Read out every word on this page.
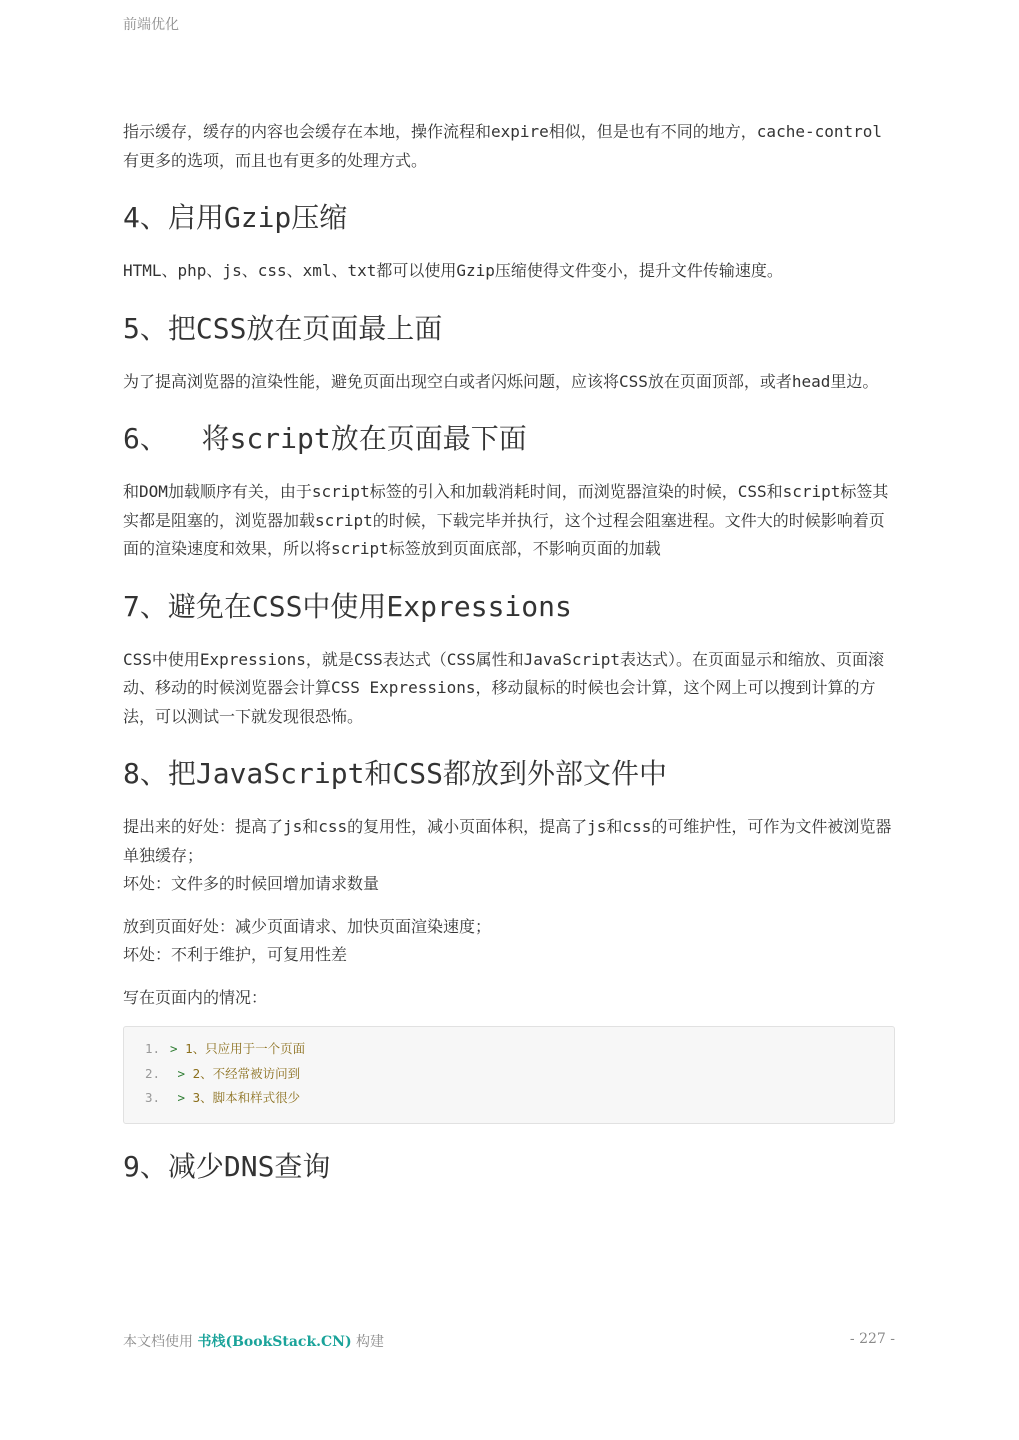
前端优化

指示缓存，缓存的内容也会缓存在本地，操作流程和expire相似，但是也有不同的地方，cache-control有更多的选项，而且也有更多的处理方式。

4、启用Gzip压缩

HTML、php、js、css、xml、txt都可以使用Gzip压缩使得文件变小，提升文件传输速度。

5、把CSS放在页面最上面

为了提高浏览器的渲染性能，避免页面出现空白或者闪烁问题，应该将CSS放在页面顶部，或者head里边。

6、  将script放在页面最下面

和DOM加载顺序有关，由于script标签的引入和加载消耗时间，而浏览器渲染的时候，CSS和script标签其实都是阻塞的，浏览器加载script的时候，下载完毕并执行，这个过程会阻塞进程。文件大的时候影响着页面的渲染速度和效果，所以将script标签放到页面底部，不影响页面的加载

7、避免在CSS中使用Expressions

CSS中使用Expressions，就是CSS表达式（CSS属性和JavaScript表达式）。在页面显示和缩放、页面滚动、移动的时候浏览器会计算CSS Expressions，移动鼠标的时候也会计算，这个网上可以搜到计算的方法，可以测试一下就发现很恐怖。

8、把JavaScript和CSS都放到外部文件中

提出来的好处：提高了js和css的复用性，减小页面体积，提高了js和css的可维护性，可作为文件被浏览器单独缓存；
坏处：文件多的时候回增加请求数量

放到页面好处：减少页面请求、加快页面渲染速度；
坏处：不利于维护，可复用性差

写在页面内的情况：

1. > 1、只应用于一个页面
2. > 2、不经常被访问到
3. > 3、脚本和样式很少
9、减少DNS查询
本文档使用 书栈(BookStack.CN) 构建	- 227 -
